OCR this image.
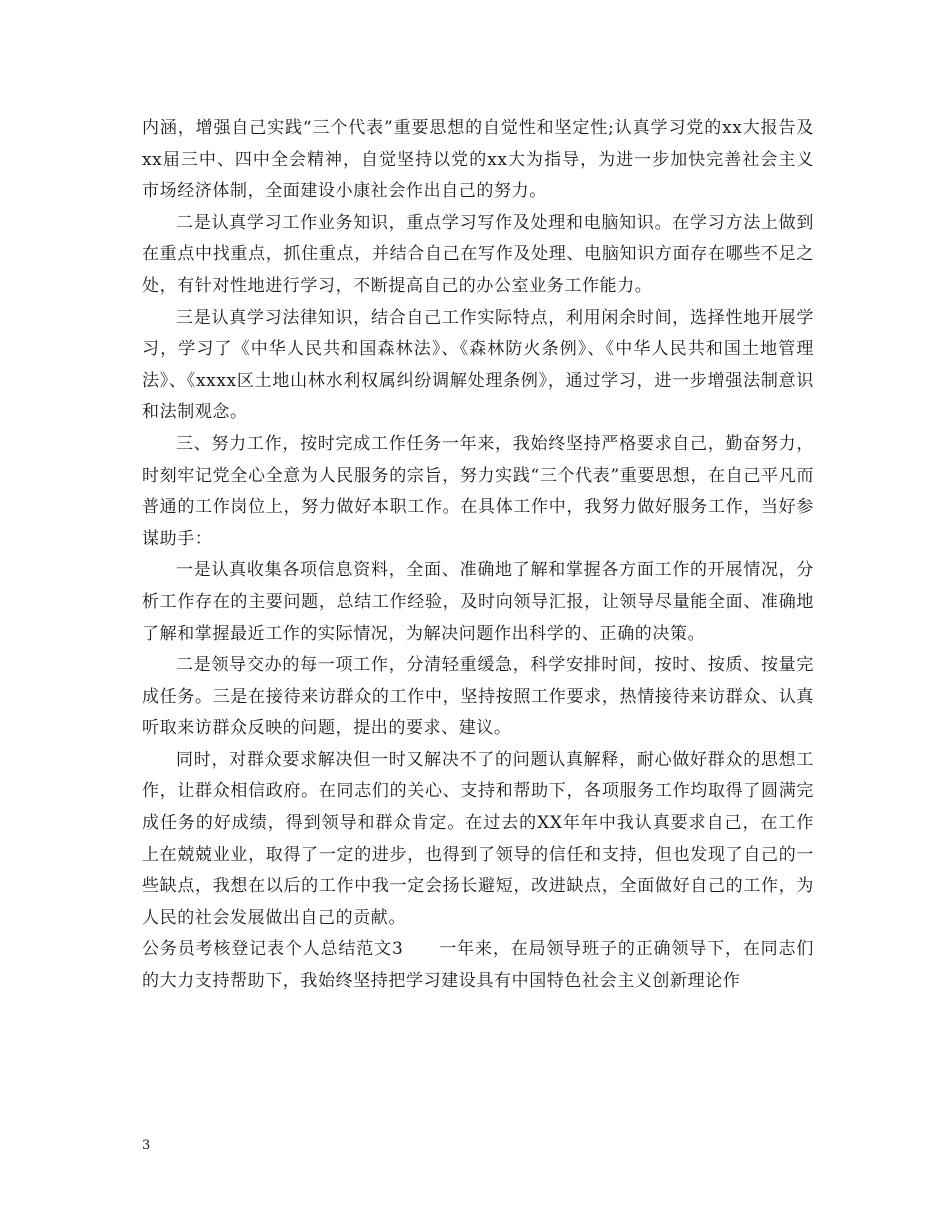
内涵，增强自己实践“三个代表”重要思想的自觉性和坚定性;认真学习党的xx大报告及xx届三中、四中全会精神，自觉坚持以党的xx大为指导，为进一步加快完善社会主义市场经济体制，全面建设小康社会作出自己的努力。

二是认真学习工作业务知识，重点学习写作及处理和电脑知识。在学习方法上做到在重点中找重点，抓住重点，并结合自己在写作及处理、电脑知识方面存在哪些不足之处，有针对性地进行学习，不断提高自己的办公室业务工作能力。

三是认真学习法律知识，结合自己工作实际特点，利用闲余时间，选择性地开展学习，学习了《中华人民共和国森林法》、《森林防火条例》、《中华人民共和国土地管理法》、《xxxx区土地山林水利权属纠纷调解处理条例》，通过学习，进一步增强法制意识和法制观念。

三、努力工作，按时完成工作任务一年来，我始终坚持严格要求自己，勤奋努力，时刻牢记党全心全意为人民服务的宗旨，努力实践“三个代表”重要思想，在自己平凡而普通的工作岗位上，努力做好本职工作。在具体工作中，我努力做好服务工作，当好参谋助手：

一是认真收集各项信息资料，全面、准确地了解和掌握各方面工作的开展情况，分析工作存在的主要问题，总结工作经验，及时向领导汇报，让领导尽量能全面、准确地了解和掌握最近工作的实际情况，为解决问题作出科学的、正确的决策。

二是领导交办的每一项工作，分清轻重缓急，科学安排时间，按时、按质、按量完成任务。三是在接待来访群众的工作中，坚持按照工作要求，热情接待来访群众、认真听取来访群众反映的问题，提出的要求、建议。

同时，对群众要求解决但一时又解决不了的问题认真解释，耐心做好群众的思想工作，让群众相信政府。在同志们的关心、支持和帮助下，各项服务工作均取得了圆满完成任务的好成绩，得到领导和群众肯定。在过去的XX年年中我认真要求自己，在工作上在兢兢业业，取得了一定的进步，也得到了领导的信任和支持，但也发现了自己的一些缺点，我想在以后的工作中我一定会扬长避短，改进缺点，全面做好自己的工作，为人民的社会发展做出自己的贡献。

公务员考核登记表个人总结范文3　　一年来，在局领导班子的正确领导下，在同志们的大力支持帮助下，我始终坚持把学习建设具有中国特色社会主义创新理论作

3
